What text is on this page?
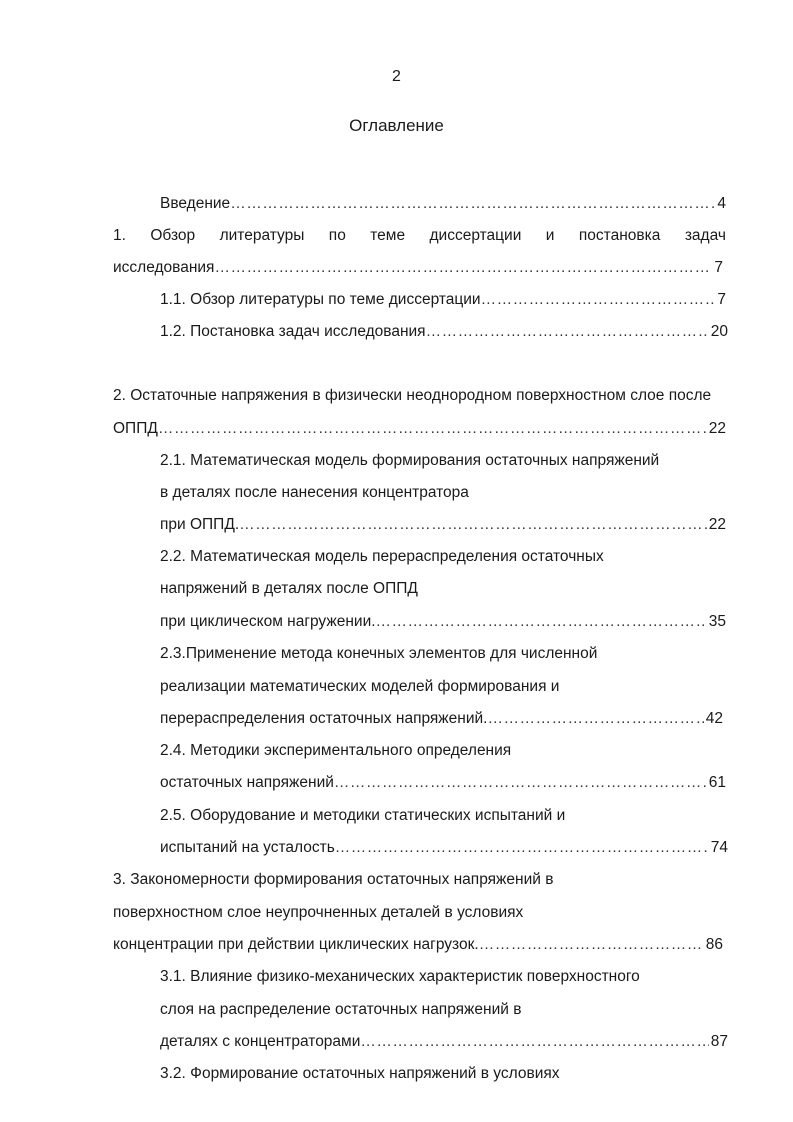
2
Оглавление
Введение …………………………………………………………………………………………………………………………………………………………………………………………………………	4
1. Обзор литературы по теме диссертации и постановка задач
исследования …………………………………………………………………………………………………………………………………………………………………………………………………………	7
1.1. Обзор литературы по теме диссертации …………………………………………………………………………………………………………………………………………………………………………………………………………	7
1.2. Постановка задач исследования …………………………………………………………………………………………………………………………………………………………………………………………………………	20
2. Остаточные напряжения в физически неоднородном поверхностном слое после
ОППД …………………………………………………………………………………………………………………………………………………………………………………………………………	22
2.1. Математическая модель формирования остаточных напряжений
в деталях после нанесения концентратора
при ОППД. …………………………………………………………………………………………………………………………………………………………………………………………………………	22
2.2. Математическая модель перераспределения остаточных
напряжений в деталях после ОППД
при циклическом нагружении. …………………………………………………………………………………………………………………………………………………………………………………………………………	35
2.3.Применение метода конечных элементов для численной
реализации математических моделей формирования и
перераспределения остаточных напряжений. …………………………………………………………………………………………………………………………………………………………………………………………………………	42
2.4. Методики экспериментального определения
остаточных напряжений …………………………………………………………………………………………………………………………………………………………………………………………………………	61
2.5. Оборудование и методики статических испытаний и
испытаний на усталость …………………………………………………………………………………………………………………………………………………………………………………………………………	74
3. Закономерности формирования остаточных напряжений в
поверхностном слое неупрочненных деталей в условиях
концентрации при действии циклических нагрузок. …………………………………………………………………………………………………………………………………………………………………………………………………………	86
3.1. Влияние физико-механических характеристик поверхностного
слоя на распределение остаточных напряжений в
деталях с концентраторами …………………………………………………………………………………………………………………………………………………………………………………………………………	87
3.2. Формирование остаточных напряжений в условиях
